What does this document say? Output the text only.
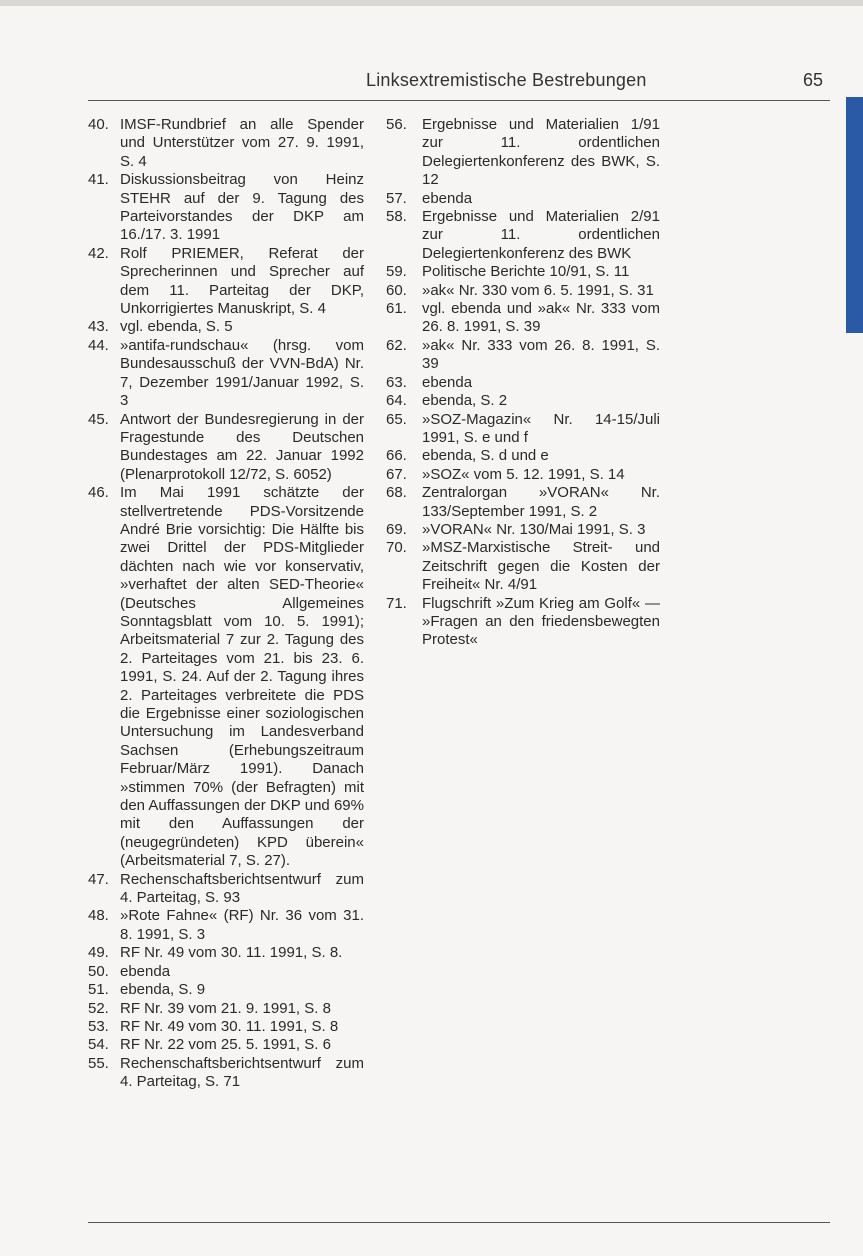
Linksextremistische Bestrebungen	65
40. IMSF-Rundbrief an alle Spender und Unterstützer vom 27. 9. 1991, S. 4
41. Diskussionsbeitrag von Heinz STEHR auf der 9. Tagung des Parteivorstandes der DKP am 16./17. 3. 1991
42. Rolf PRIEMER, Referat der Sprecherinnen und Sprecher auf dem 11. Parteitag der DKP, Unkorrigiertes Manuskript, S. 4
43. vgl. ebenda, S. 5
44. »antifa-rundschau« (hrsg. vom Bundesausschuß der VVN-BdA) Nr. 7, Dezember 1991/Januar 1992, S. 3
45. Antwort der Bundesregierung in der Fragestunde des Deutschen Bundestages am 22. Januar 1992 (Plenarprotokoll 12/72, S. 6052)
46. Im Mai 1991 schätzte der stellvertretende PDS-Vorsitzende André Brie vorsichtig: Die Hälfte bis zwei Drittel der PDS-Mitglieder dächten nach wie vor konservativ, »verhaftet der alten SED-Theorie« (Deutsches Allgemeines Sonntagsblatt vom 10. 5. 1991); Arbeitsmaterial 7 zur 2. Tagung des 2. Parteitages vom 21. bis 23. 6. 1991, S. 24. Auf der 2. Tagung ihres 2. Parteitages verbreitete die PDS die Ergebnisse einer soziologischen Untersuchung im Landesverband Sachsen (Erhebungszeitraum Februar/März 1991). Danach »stimmen 70% (der Befragten) mit den Auffassungen der DKP und 69% mit den Auffassungen der (neugegründeten) KPD überein« (Arbeitsmaterial 7, S. 27).
47. Rechenschaftsberichtsentwurf zum 4. Parteitag, S. 93
48. »Rote Fahne« (RF) Nr. 36 vom 31. 8. 1991, S. 3
49. RF Nr. 49 vom 30. 11. 1991, S. 8.
50. ebenda
51. ebenda, S. 9
52. RF Nr. 39 vom 21. 9. 1991, S. 8
53. RF Nr. 49 vom 30. 11. 1991, S. 8
54. RF Nr. 22 vom 25. 5. 1991, S. 6
55. Rechenschaftsberichtsentwurf zum 4. Parteitag, S. 71
56.	Ergebnisse und Materialien 1/91 zur 11. ordentlichen Delegiertenkonferenz des BWK, S. 12
57.	ebenda
58.	Ergebnisse und Materialien 2/91 zur 11. ordentlichen Delegiertenkonferenz des BWK
59.	Politische Berichte 10/91, S. 11
60.	»ak« Nr. 330 vom 6. 5. 1991, S. 31
61.	vgl. ebenda und »ak« Nr. 333 vom 26. 8. 1991, S. 39
62.	»ak« Nr. 333 vom 26. 8. 1991, S. 39
63.	ebenda
64.	ebenda, S. 2
65.	»SOZ-Magazin« Nr. 14-15/Juli 1991, S. e und f
66.	ebenda, S. d und e
67.	»SOZ« vom 5. 12. 1991, S. 14
68.	Zentralorgan »VORAN« Nr. 133/September 1991, S. 2
69.	»VORAN« Nr. 130/Mai 1991, S. 3
70.	»MSZ-Marxistische Streit- und Zeitschrift gegen die Kosten der Freiheit« Nr. 4/91
71.	Flugschrift »Zum Krieg am Golf« — »Fragen an den friedensbewegten Protest«
